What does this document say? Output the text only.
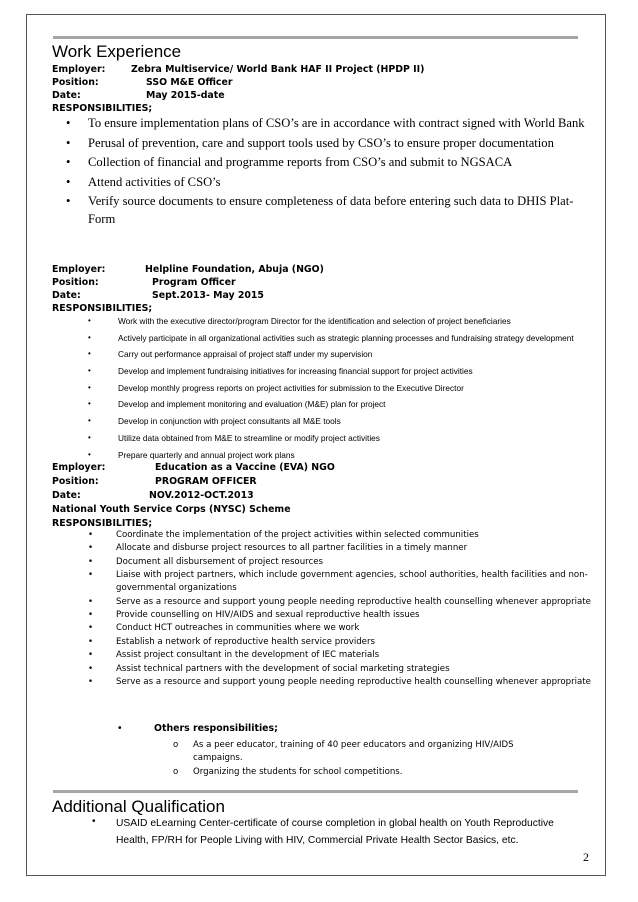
Work Experience
Employer:	Zebra Multiservice/ World Bank HAF II Project (HPDP II)
Position:	SSO M&E Officer
Date:	May 2015-date
RESPONSIBILITIES;
• To ensure implementation plans of CSO’s are in accordance with contract signed with World Bank
• Perusal of prevention, care and support tools used by CSO’s to ensure proper documentation
• Collection of financial and programme reports from CSO’s and submit to NGSACA
• Attend activities of CSO’s
• Verify source documents to ensure completeness of data before entering such data to DHIS Plat-Form
Employer:	Helpline Foundation, Abuja (NGO)
Position:	Program Officer
Date:	Sept.2013- May 2015
RESPONSIBILITIES;
•	Work with the executive director/program Director for the identification and selection of project beneficiaries
•	Actively participate in all organizational activities such as strategic planning processes and fundraising strategy development
•	Carry out performance appraisal of project staff under my supervision
•	Develop and implement fundraising initiatives for increasing financial support for project activities
•	Develop monthly progress reports on project activities for submission to the Executive Director
•	Develop and implement monitoring and evaluation (M&E) plan for project
•	Develop in conjunction with project consultants all M&E tools
•	Utilize data obtained from M&E to streamline or modify project activities
•	Prepare quarterly and annual project work plans
Employer:	Education as a Vaccine (EVA) NGO
Position:	PROGRAM OFFICER
Date:	NOV.2012-OCT.2013
National Youth Service Corps (NYSC) Scheme
RESPONSIBILITIES;
•	Coordinate the implementation of the project activities within selected communities
•	Allocate and disburse project resources to all partner facilities in a timely manner
•	Document all disbursement of project resources
•	Liaise with project partners, which include government agencies, school authorities, health facilities and non-governmental organizations
•	Serve as a resource and support young people needing reproductive health counselling whenever appropriate
•	Provide counselling on HIV/AIDS and sexual reproductive health issues
•	Conduct HCT outreaches in communities where we work
•	Establish a network of reproductive health service providers
•	Assist project consultant in the development of IEC materials
•	Assist technical partners with the development of social marketing strategies
•	Serve as a resource and support young people needing reproductive health counselling whenever appropriate
•	Others responsibilities;
o As a peer educator, training of 40 peer educators and organizing HIV/AIDS campaigns.
o Organizing the students for school competitions.
Additional Qualification
• USAID eLearning Center-certificate of course completion in global health on Youth Reproductive Health, FP/RH for People Living with HIV, Commercial Private Health Sector Basics, etc.
2
